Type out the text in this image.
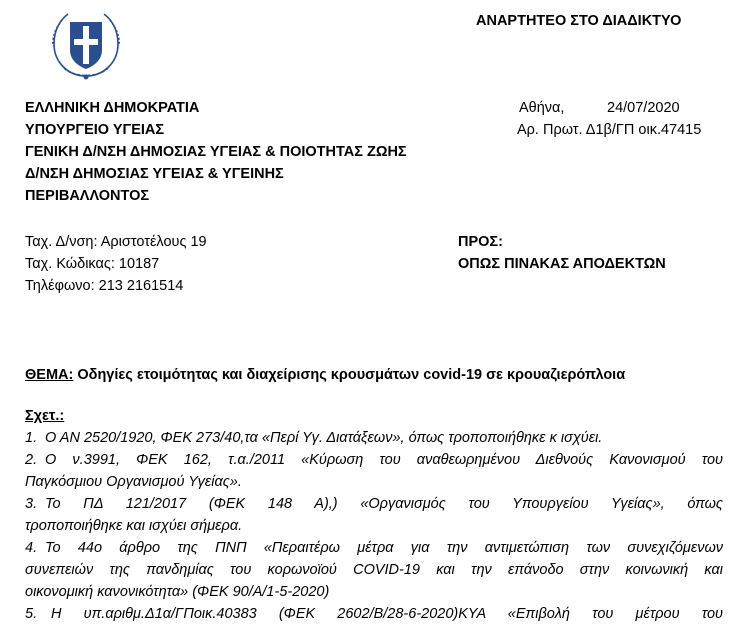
ΑΝΑΡΤΗΤΕΟ ΣΤΟ ΔΙΑΔΙΚΤΥΟ
ΕΛΛΗΝΙΚΗ ΔΗΜΟΚΡΑΤΙΑ
ΥΠΟΥΡΓΕΙΟ ΥΓΕΙΑΣ
ΓΕΝΙΚΗ Δ/ΝΣΗ ΔΗΜΟΣΙΑΣ ΥΓΕΙΑΣ & ΠΟΙΟΤΗΤΑΣ ΖΩΗΣ
Δ/ΝΣΗ ΔΗΜΟΣΙΑΣ ΥΓΕΙΑΣ & ΥΓΕΙΝΗΣ
ΠΕΡΙΒΑΛΛΟΝΤΟΣ
Αθήνα,	24/07/2020
Αρ. Πρωτ. Δ1β/ΓΠ οικ.47415
Ταχ. Δ/νση: Αριστοτέλους 19
Ταχ. Κώδικας: 10187
Τηλέφωνο: 213 2161514
ΠΡΟΣ:
ΟΠΩΣ ΠΙΝΑΚΑΣ ΑΠΟΔΕΚΤΩΝ
ΘΕΜΑ: Οδηγίες ετοιμότητας και διαχείρισης κρουσμάτων covid-19 σε κρουαζιερόπλοια
Σχετ.:
1. Ο ΑΝ 2520/1920, ΦΕΚ 273/40,τα «Περί Υγ. Διατάξεων», όπως τροποποιήθηκε κ ισχύει.
2. Ο ν.3991, ΦΕΚ 162, τ.α./2011 «Κύρωση του αναθεωρημένου Διεθνούς Κανονισμού του
Παγκόσμιου Οργανισμού Υγείας».
3. Το ΠΔ 121/2017 (ΦΕΚ 148 Α),) «Οργανισμός του Υπουργείου Υγείας», όπως
τροποποιήθηκε και ισχύει σήμερα.
4. Το 44ο άρθρο της ΠΝΠ «Περαιτέρω μέτρα για την αντιμετώπιση των συνεχιζόμενων
συνεπειών της πανδημίας του κορωνοϊού COVID-19 και την επάνοδο στην κοινωνική και
οικονομική κανονικότητα» (ΦΕΚ 90/Α/1-5-2020)
5. Η υπ.αριθμ.Δ1α/ΓΠοικ.40383 (ΦΕΚ 2602/Β/28-6-2020)ΚΥΑ «Επιβολή του μέτρου του
